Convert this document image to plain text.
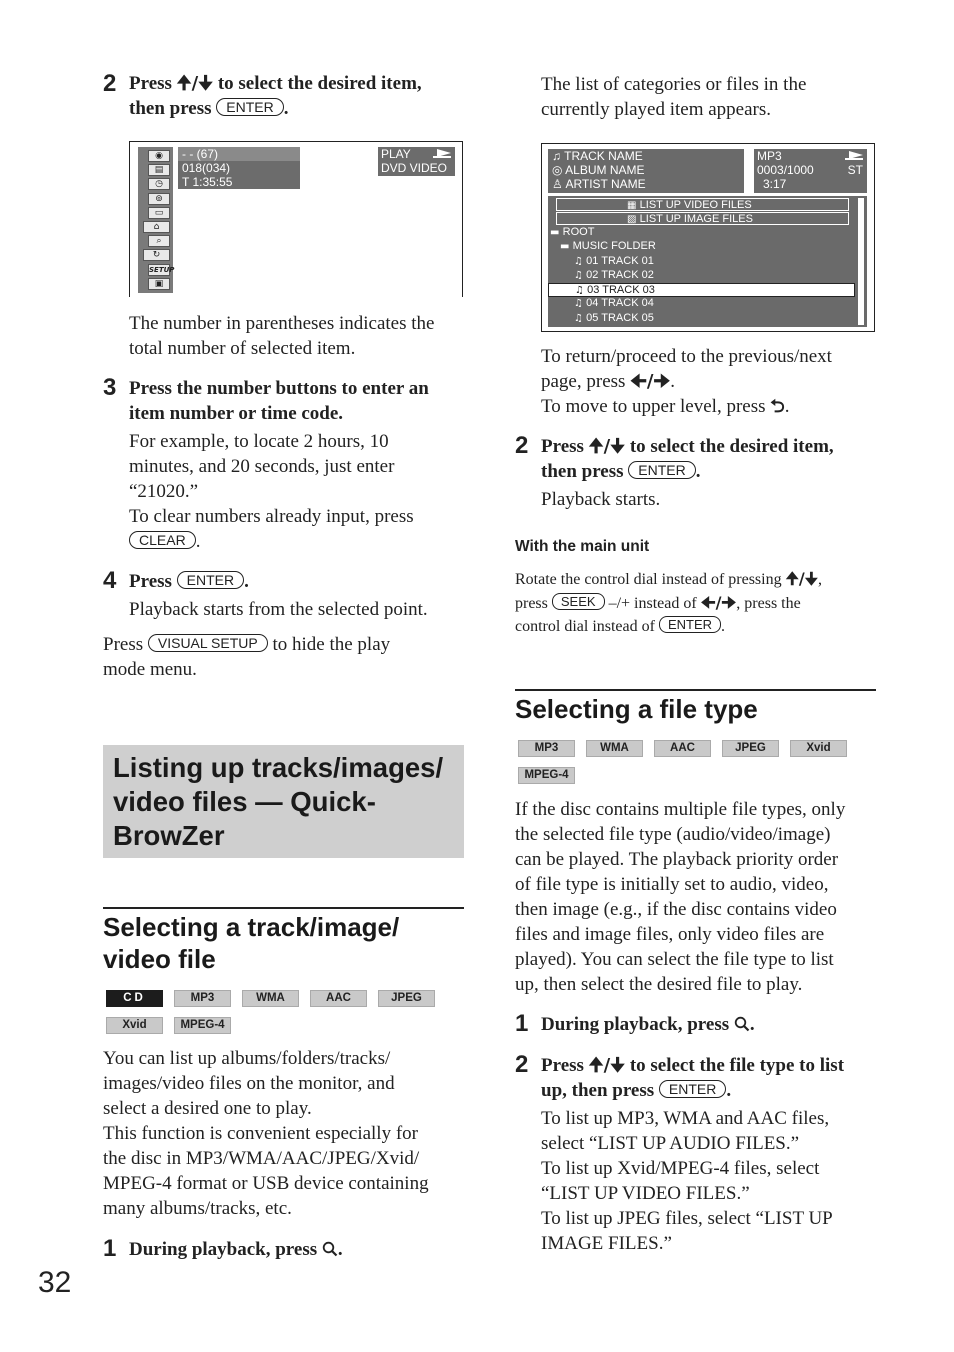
2 Press 🠉/🠋 to select the desired item,
then press ENTER .
◉
▤
◷
⊚
▭
⌂
⌕
↻
SETUP
▣
- - (67)
018(034)
T 1:35:55
PLAY
DVD VIDEO
The number in parentheses indicates the
total number of selected item.
3 Press the number buttons to enter an
item number or time code.
For example, to locate 2 hours, 10
minutes, and 20 seconds, just enter
“21020.”
To clear numbers already input, press
CLEAR .
4 Press ENTER .
Playback starts from the selected point.
Press VISUAL SETUP to hide the play
mode menu.
Listing up tracks/images/
video files — Quick-
BrowZer
Selecting a track/image/
video file
CD	MP3	WMA	AAC	JPEG
Xvid	MPEG-4
You can list up albums/folders/tracks/
images/video files on the monitor, and
select a desired one to play.
This function is convenient especially for
the disc in MP3/WMA/AAC/JPEG/Xvid/
MPEG-4 format or USB device containing
many albums/tracks, etc.
1 During playback, press .
32
The list of categories or files in the
currently played item appears.
♫ TRACK NAME
◎ ALBUM NAME
♙ ARTIST NAME
MP3
0003/1000	ST
3:17
▦ LIST UP VIDEO FILES
▨ LIST UP IMAGE FILES
▬ ROOT
▬ MUSIC FOLDER
♫ 01 TRACK 01
♫ 02 TRACK 02
♫ 03 TRACK 03
♫ 04 TRACK 04
♫ 05 TRACK 05
To return/proceed to the previous/next
page, press 🠈/🠊.
To move to upper level, press ⮌.
2 Press 🠉/🠋 to select the desired item,
then press ENTER .
Playback starts.
With the main unit
Rotate the control dial instead of pressing 🠉/🠋,
press SEEK –/+ instead of 🠈/🠊, press the
control dial instead of ENTER .
Selecting a file type
MP3	WMA	AAC	JPEG	Xvid
MPEG-4
If the disc contains multiple file types, only
the selected file type (audio/video/image)
can be played. The playback priority order
of file type is initially set to audio, video,
then image (e.g., if the disc contains video
files and image files, only video files are
played). You can select the file type to list
up, then select the desired file to play.
1 During playback, press .
2 Press 🠉/🠋 to select the file type to list
up, then press ENTER .
To list up MP3, WMA and AAC files,
select “LIST UP AUDIO FILES.”
To list up Xvid/MPEG-4 files, select
“LIST UP VIDEO FILES.”
To list up JPEG files, select “LIST UP
IMAGE FILES.”
